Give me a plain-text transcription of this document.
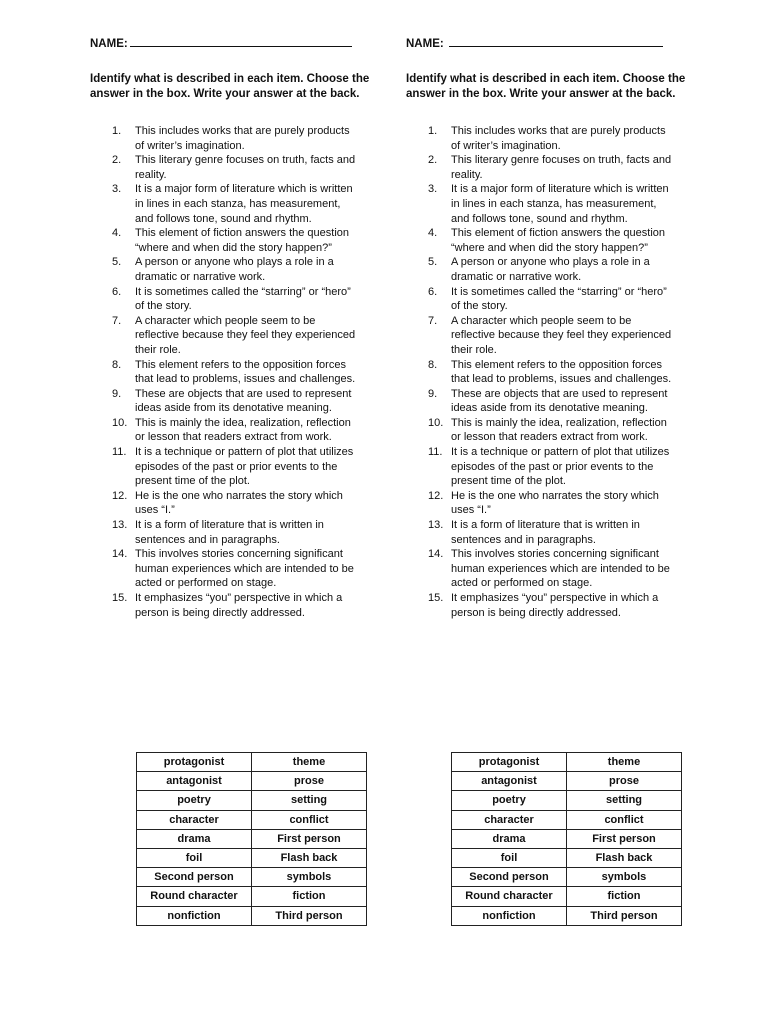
NAME:
Identify what is described in each item. Choose the answer in the box. Write your answer at the back.
1. This includes works that are purely products of writer’s imagination.
2. This literary genre focuses on truth, facts and reality.
3. It is a major form of literature which is written in lines in each stanza, has measurement, and follows tone, sound and rhythm.
4. This element of fiction answers the question “where and when did the story happen?”
5. A person or anyone who plays a role in a dramatic or narrative work.
6. It is sometimes called the “starring” or “hero” of the story.
7. A character which people seem to be reflective because they feel they experienced their role.
8. This element refers to the opposition forces that lead to problems, issues and challenges.
9. These are objects that are used to represent ideas aside from its denotative meaning.
10. This is mainly the idea, realization, reflection or lesson that readers extract from work.
11. It is a technique or pattern of plot that utilizes episodes of the past or prior events to the present time of the plot.
12. He is the one who narrates the story which uses “I.”
13. It is a form of literature that is written in sentences and in paragraphs.
14. This involves stories concerning significant human experiences which are intended to be acted or performed on stage.
15. It emphasizes “you” perspective in which a person is being directly addressed.
protagonist	theme
antagonist	prose
poetry	setting
character	conflict
drama	First person
foil	Flash back
Second person	symbols
Round character	fiction
nonfiction	Third person
NAME:
Identify what is described in each item. Choose the answer in the box. Write your answer at the back.
1. This includes works that are purely products of writer’s imagination.
2. This literary genre focuses on truth, facts and reality.
3. It is a major form of literature which is written in lines in each stanza, has measurement, and follows tone, sound and rhythm.
4. This element of fiction answers the question “where and when did the story happen?”
5. A person or anyone who plays a role in a dramatic or narrative work.
6. It is sometimes called the “starring” or “hero” of the story.
7. A character which people seem to be reflective because they feel they experienced their role.
8. This element refers to the opposition forces that lead to problems, issues and challenges.
9. These are objects that are used to represent ideas aside from its denotative meaning.
10. This is mainly the idea, realization, reflection or lesson that readers extract from work.
11. It is a technique or pattern of plot that utilizes episodes of the past or prior events to the present time of the plot.
12. He is the one who narrates the story which uses “I.”
13. It is a form of literature that is written in sentences and in paragraphs.
14. This involves stories concerning significant human experiences which are intended to be acted or performed on stage.
15. It emphasizes “you” perspective in which a person is being directly addressed.
protagonist	theme
antagonist	prose
poetry	setting
character	conflict
drama	First person
foil	Flash back
Second person	symbols
Round character	fiction
nonfiction	Third person
